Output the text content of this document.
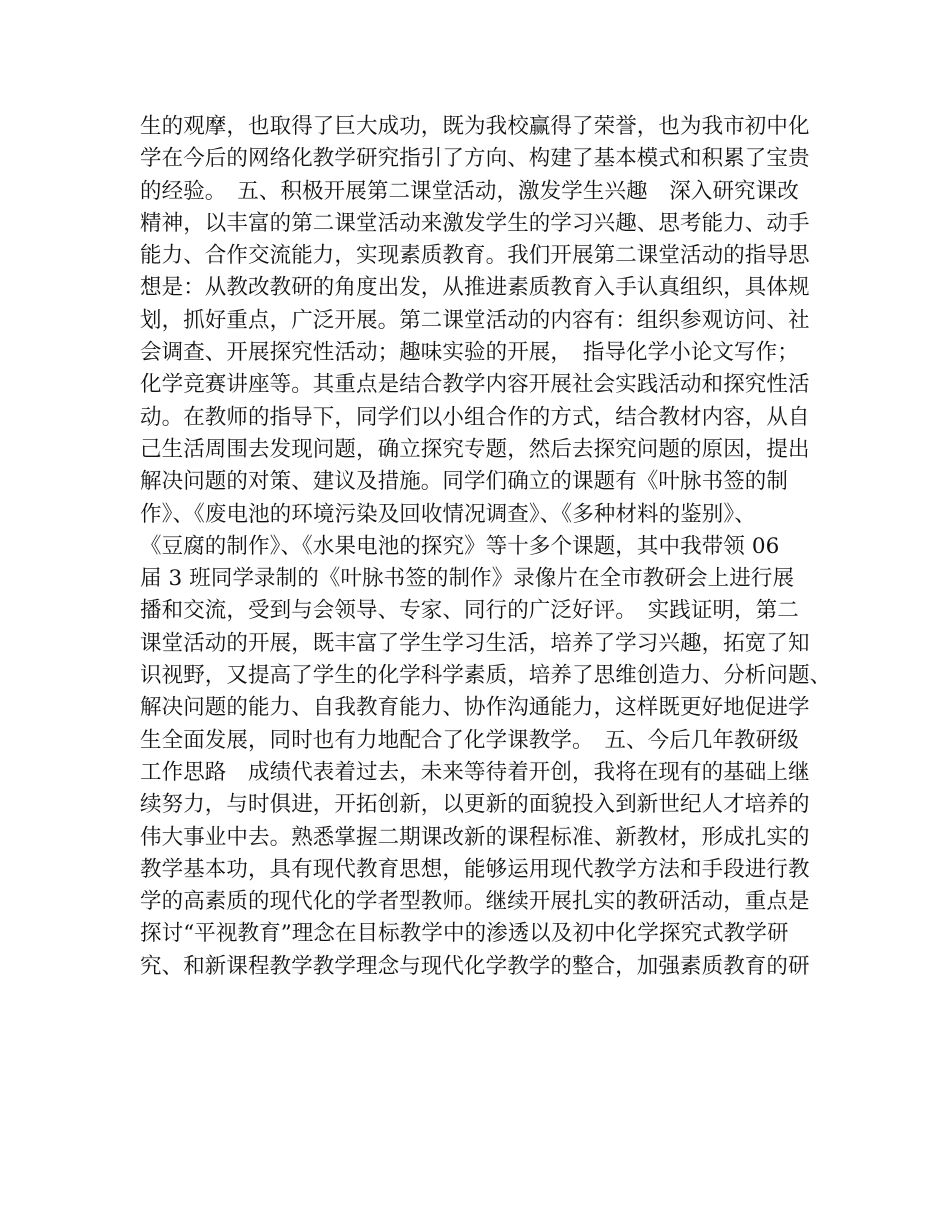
生的观摩，也取得了巨大成功，既为我校赢得了荣誉，也为我市初中化
学在今后的网络化教学研究指引了方向、构建了基本模式和积累了宝贵
的经验。　五、积极开展第二课堂活动，激发学生兴趣　深入研究课改
精神，以丰富的第二课堂活动来激发学生的学习兴趣、思考能力、动手
能力、合作交流能力，实现素质教育。我们开展第二课堂活动的指导思
想是：从教改教研的角度出发，从推进素质教育入手认真组织，具体规
划，抓好重点，广泛开展。第二课堂活动的内容有：组织参观访问、社
会调查、开展探究性活动；趣味实验的开展，　指导化学小论文写作；
化学竞赛讲座等。其重点是结合教学内容开展社会实践活动和探究性活
动。在教师的指导下，同学们以小组合作的方式，结合教材内容，从自
己生活周围去发现问题，确立探究专题，然后去探究问题的原因，提出
解决问题的对策、建议及措施。同学们确立的课题有《叶脉书签的制
作》、《废电池的环境污染及回收情况调查》、《多种材料的鉴别》、
《豆腐的制作》、《水果电池的探究》等十多个课题，其中我带领 06
届 3 班同学录制的《叶脉书签的制作》录像片在全市教研会上进行展
播和交流，受到与会领导、专家、同行的广泛好评。　实践证明，第二
课堂活动的开展，既丰富了学生学习生活，培养了学习兴趣，拓宽了知
识视野，又提高了学生的化学科学素质，培养了思维创造力、分析问题、
解决问题的能力、自我教育能力、协作沟通能力，这样既更好地促进学
生全面发展，同时也有力地配合了化学课教学。　五、今后几年教研级
工作思路　成绩代表着过去，未来等待着开创，我将在现有的基础上继
续努力，与时俱进，开拓创新，以更新的面貌投入到新世纪人才培养的
伟大事业中去。熟悉掌握二期课改新的课程标准、新教材，形成扎实的
教学基本功，具有现代教育思想，能够运用现代教学方法和手段进行教
学的高素质的现代化的学者型教师。继续开展扎实的教研活动，重点是
探讨“平视教育”理念在目标教学中的渗透以及初中化学探究式教学研
究、和新课程教学教学理念与现代化学教学的整合，加强素质教育的研
